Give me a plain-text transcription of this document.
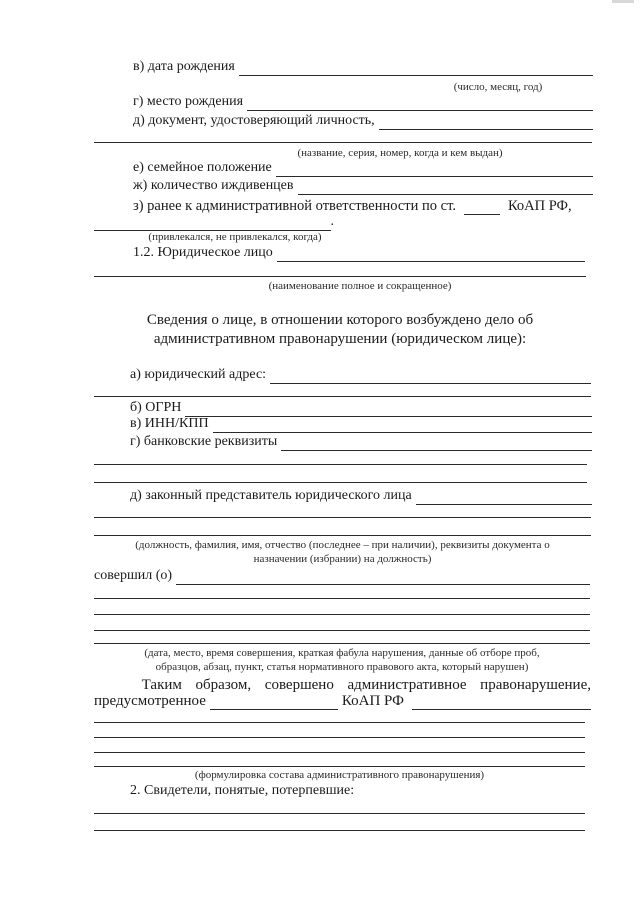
в) дата рождения
(число, месяц, год)
г) место рождения
д) документ, удостоверяющий личность,
(название, серия, номер, когда и кем выдан)
е) семейное положение
ж) количество иждивенцев
з) ранее к административной ответственности по ст.	КоАП РФ,
.
(привлекался, не привлекался, когда)
1.2. Юридическое лицо
(наименование полное и сокращенное)
Сведения о лице, в отношении которого возбуждено дело об
административном правонарушении (юридическом лице):
а) юридический адрес:
б) ОГРН
в) ИНН/КПП
г) банковские реквизиты
д) законный представитель юридического лица
(должность, фамилия, имя, отчество (последнее – при наличии), реквизиты документа о
назначении (избрании) на должность)
совершил (о)
(дата, место, время совершения, краткая фабула нарушения, данные об отборе проб,
образцов, абзац, пункт, статья нормативного правового акта, который нарушен)
Таким образом, совершено административное правонарушение,
предусмотренное	КоАП РФ
(формулировка состава административного правонарушения)
2. Свидетели, понятые, потерпевшие:
